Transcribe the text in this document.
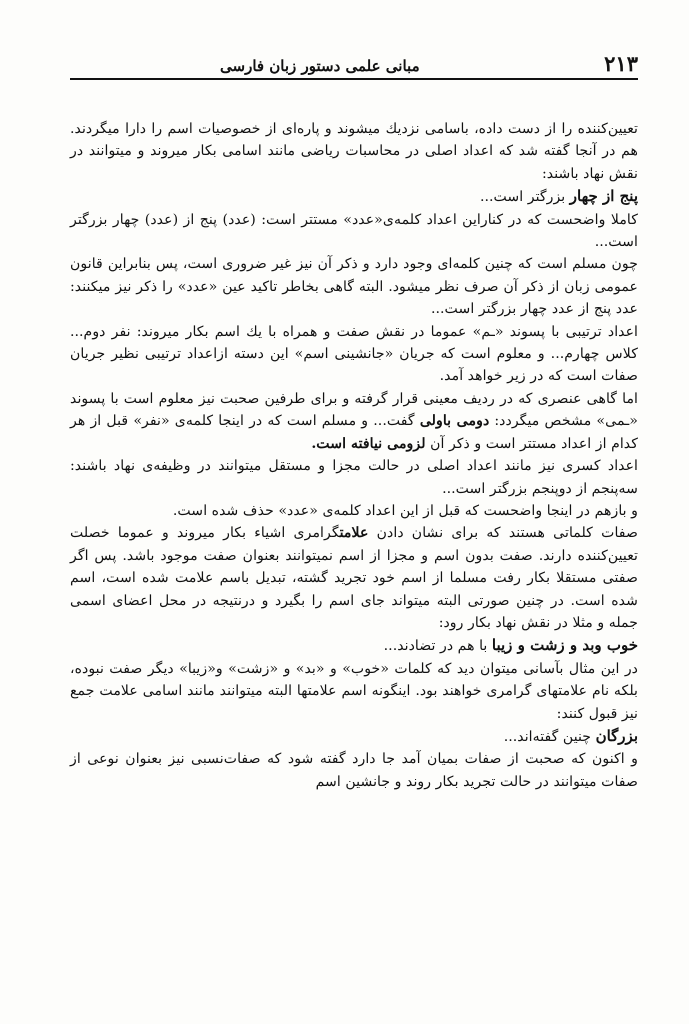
۲۱۳
مبانی علمی دستور زبان فارسی

تعیین‌کننده را از دست داده، باسامی نزدیك میشوند و پاره‌ای از خصوصیات اسم را دارا میگردند. هم در آنجا گفته شد که اعداد اصلی در محاسبات ریاضی مانند اسامی بکار میروند و میتوانند در نقش نهاد باشند:

پنج از چهار بزرگتر است...

کاملا واضحست که در کناراین اعداد کلمه‌ی«عدد» مستتر است: (عدد) پنج از (عدد) چهار بزرگتر است...

چون مسلم است که چنین کلمه‌ای وجود دارد و ذکر آن نیز غیر ضروری است، پس بنابراین قانون عمومی زبان از ذکر آن صرف نظر میشود. البته گاهی بخاطر تاکید عین «عدد» را ذکر نیز میکنند: عدد پنج از عدد چهار بزرگتر است...

اعداد ترتیبی با پسوند «ـم» عموما در نقش صفت و همراه با یك اسم بکار میروند: نفر دوم... کلاس چهارم... و معلوم است که جریان «جانشینی اسم» این دسته ازاعداد ترتیبی نظیر جریان صفات است که در زیر خواهد آمد.

اما گاهی عنصری که در ردیف معینی قرار گرفته و برای طرفین صحبت نیز معلوم است با پسوند «ـمی» مشخص میگردد: دومی باولی گفت... و مسلم است که در اینجا کلمه‌ی «نفر» قبل از هر کدام از اعداد مستتر است و ذکر آن لزومی نیافته است.

اعداد کسری نیز مانند اعداد اصلی در حالت مجزا و مستقل میتوانند در وظیفه‌ی نهاد باشند: سه‌پنجم از دوپنجم بزرگتر است...

و بازهم در اینجا واضحست که قبل از این اعداد کلمه‌ی «عدد» حذف شده است.

صفات کلماتی هستند که برای نشان دادن علامتگرامری اشیاء بکار میروند و عموما خصلت تعیین‌کننده دارند. صفت بدون اسم و مجزا از اسم نمیتوانند بعنوان صفت موجود باشد. پس اگر صفتی مستقلا بکار رفت مسلما از اسم خود تجرید گشته، تبدیل باسم علامت شده است، اسم شده است. در چنین صورتی البته میتواند جای اسم را بگیرد و درنتیجه در محل اعضای اسمی جمله و مثلا در نقش نهاد بکار رود:

خوب وبد و زشت و زیبا با هم در تضادند...

در این مثال بآسانی میتوان دید که کلمات «خوب» و «بد» و «زشت» و«زیبا» دیگر صفت نبوده، بلکه نام علامتهای گرامری خواهند بود. اینگونه اسم علامتها البته میتوانند مانند اسامی علامت جمع نیز قبول کنند:

بزرگان چنین گفته‌اند...

و اکنون که صحبت از صفات بمیان آمد جا دارد گفته شود که صفات‌نسبی نیز بعنوان نوعی از صفات میتوانند در حالت تجرید بکار روند و جانشین اسم
